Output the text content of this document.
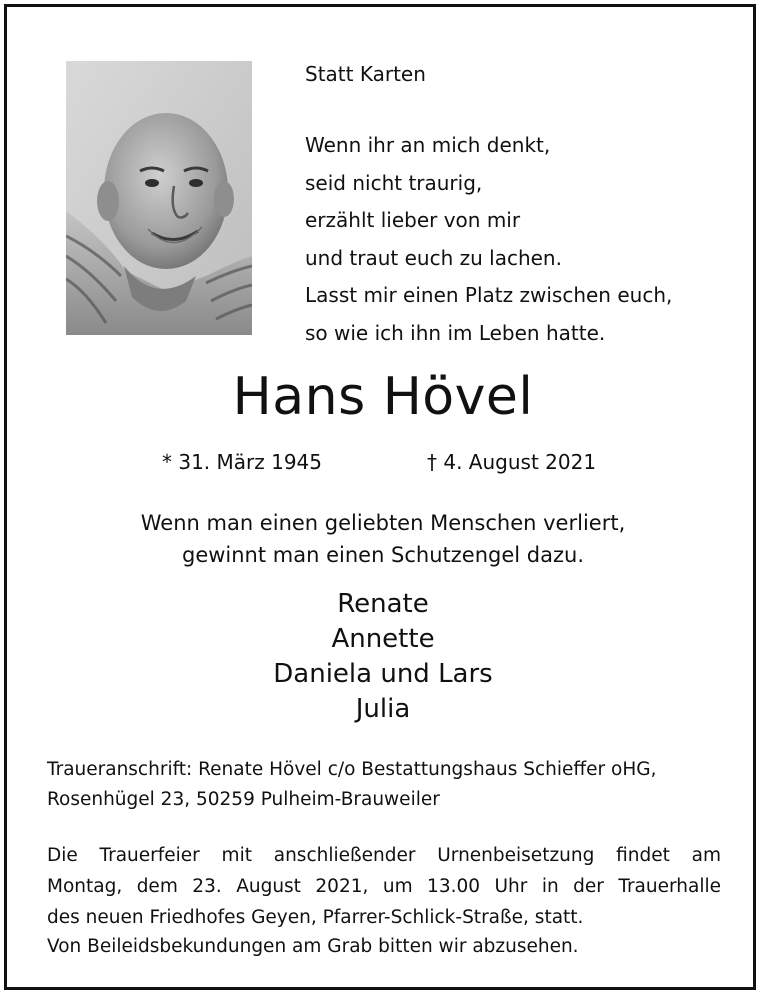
Statt Karten
Wenn ihr an mich denkt,
seid nicht traurig,
erzählt lieber von mir
und traut euch zu lachen.
Lasst mir einen Platz zwischen euch,
so wie ich ihn im Leben hatte.
Hans Hövel
* 31. März 1945	† 4. August 2021
Wenn man einen geliebten Menschen verliert,
gewinnt man einen Schutzengel dazu.
Renate
Annette
Daniela und Lars
Julia
Traueranschrift: Renate Hövel c/o Bestattungshaus Schieffer oHG,
Rosenhügel 23, 50259 Pulheim-Brauweiler
Die Trauerfeier mit anschließender Urnenbeisetzung findet am
Montag, dem 23. August 2021, um 13.00 Uhr in der Trauerhalle
des neuen Friedhofes Geyen, Pfarrer-Schlick-Straße, statt.
Von Beileidsbekundungen am Grab bitten wir abzusehen.
